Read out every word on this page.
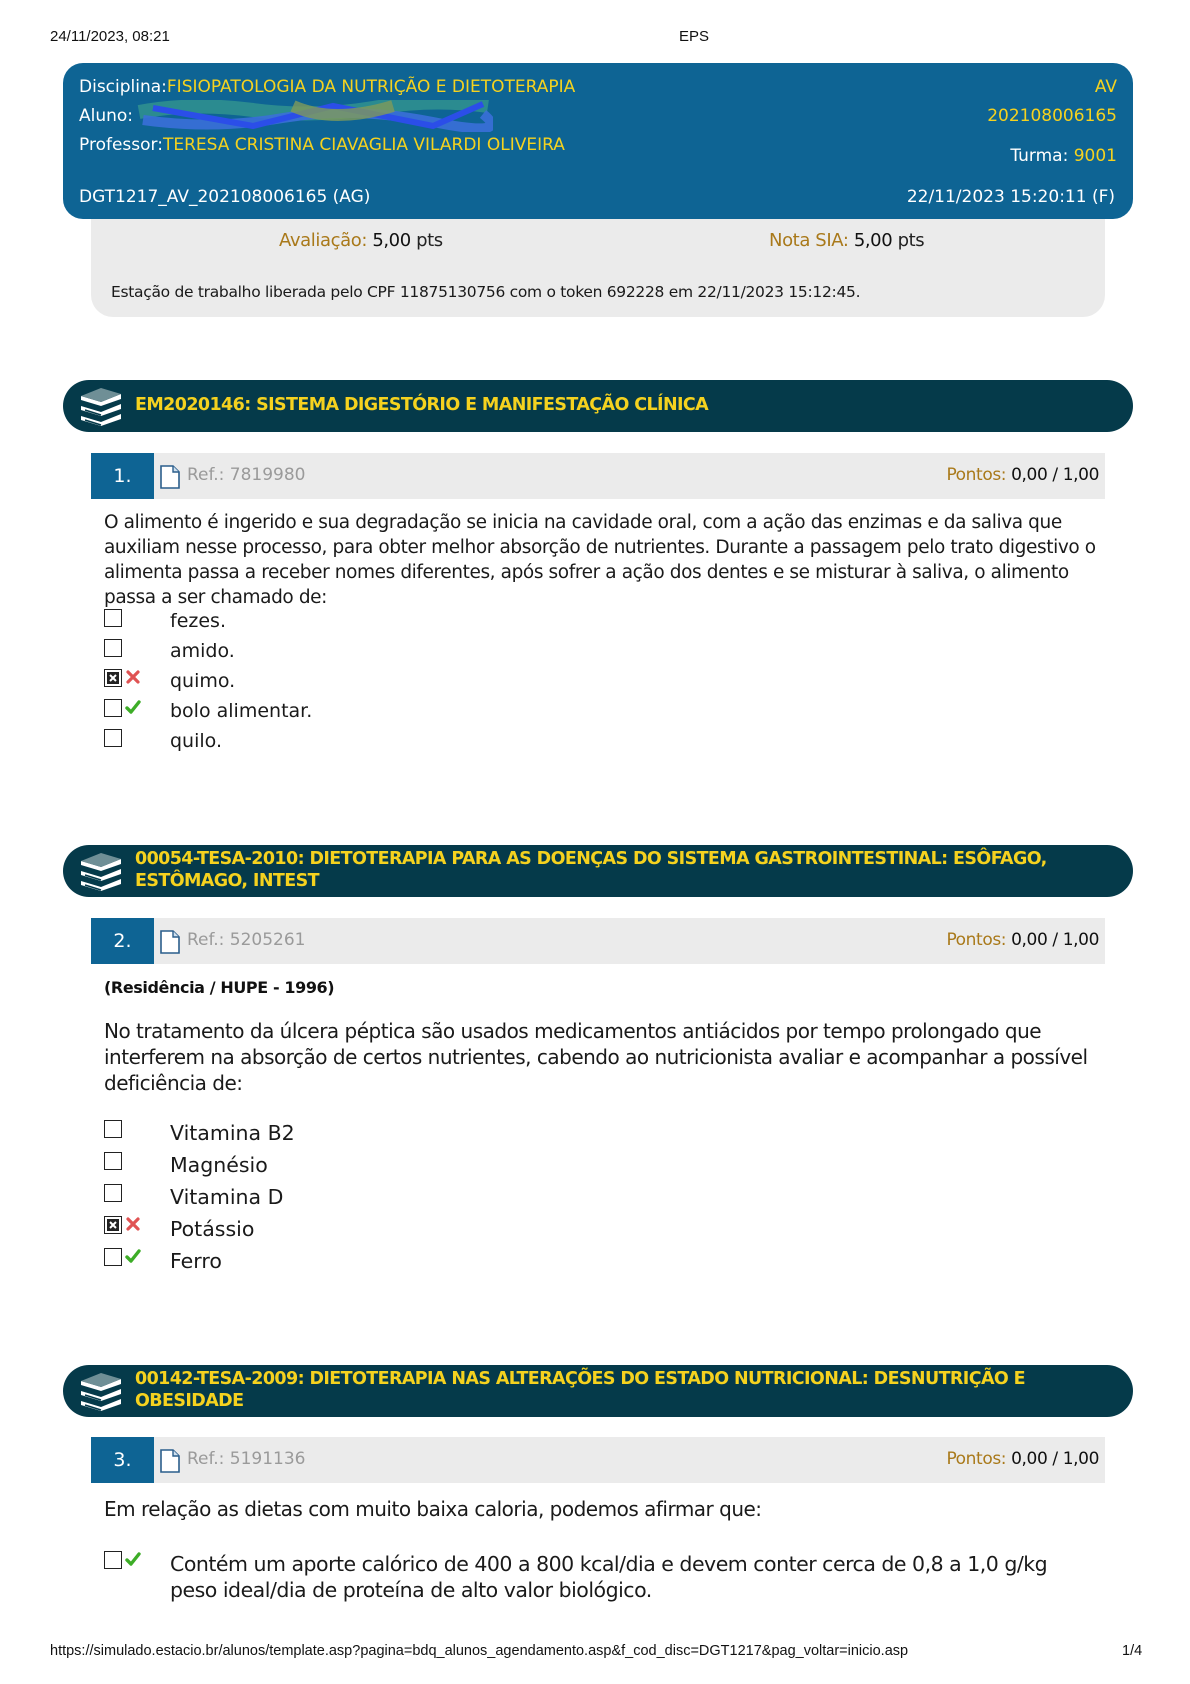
24/11/2023, 08:21	EPS
Disciplina:FISIOPATOLOGIA DA NUTRIÇÃO E DIETOTERAPIA
Aluno:
Professor:TERESA CRISTINA CIAVAGLIA VILARDI OLIVEIRA
AV
202108006165
Turma: 9001
DGT1217_AV_202108006165 (AG)	22/11/2023 15:20:11 (F)
Avaliação: 5,00 pts	Nota SIA: 5,00 pts
Estação de trabalho liberada pelo CPF 11875130756 com o token 692228 em 22/11/2023 15:12:45.
EM2020146: SISTEMA DIGESTÓRIO E MANIFESTAÇÃO CLÍNICA
1.	Ref.: 7819980	Pontos: 0,00 / 1,00
O alimento é ingerido e sua degradação se inicia na cavidade oral, com a ação das enzimas e da saliva que auxiliam nesse processo, para obter melhor absorção de nutrientes. Durante a passagem pelo trato digestivo o alimenta passa a receber nomes diferentes, após sofrer a ação dos dentes e se misturar à saliva, o alimento passa a ser chamado de:
fezes.
amido.
quimo.
bolo alimentar.
quilo.
00054-TESA-2010: DIETOTERAPIA PARA AS DOENÇAS DO SISTEMA GASTROINTESTINAL: ESÔFAGO, ESTÔMAGO, INTEST
2.	Ref.: 5205261	Pontos: 0,00 / 1,00
(Residência / HUPE - 1996)
No tratamento da úlcera péptica são usados medicamentos antiácidos por tempo prolongado que interferem na absorção de certos nutrientes, cabendo ao nutricionista avaliar e acompanhar a possível deficiência de:
Vitamina B2
Magnésio
Vitamina D
Potássio
Ferro
00142-TESA-2009: DIETOTERAPIA NAS ALTERAÇÕES DO ESTADO NUTRICIONAL: DESNUTRIÇÃO E OBESIDADE
3.	Ref.: 5191136	Pontos: 0,00 / 1,00
Em relação as dietas com muito baixa caloria, podemos afirmar que:
Contém um aporte calórico de 400 a 800 kcal/dia e devem conter cerca de 0,8 a 1,0 g/kg peso ideal/dia de proteína de alto valor biológico.
https://simulado.estacio.br/alunos/template.asp?pagina=bdq_alunos_agendamento.asp&f_cod_disc=DGT1217&pag_voltar=inicio.asp	1/4
